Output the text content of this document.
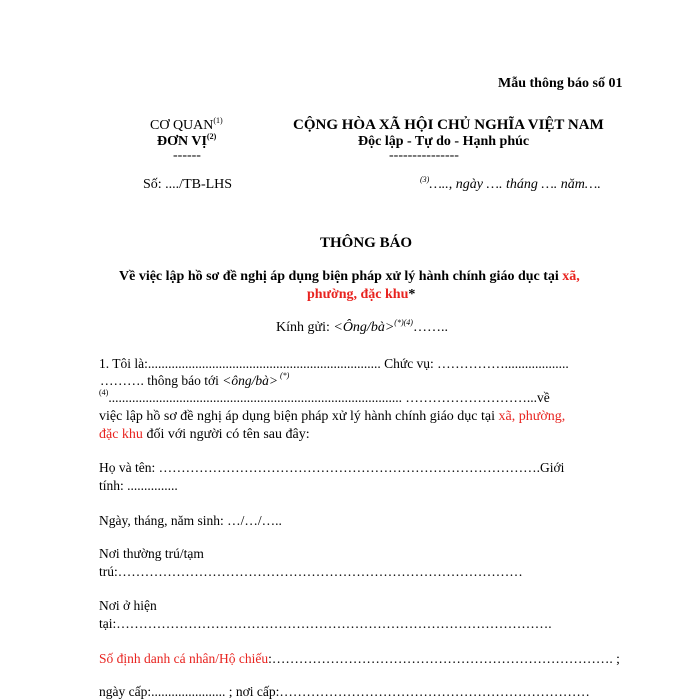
Mẫu thông báo số 01
CƠ QUAN$^{(1)}$
ĐƠN VỊ$^{(2)}$
------
Số: ..../TB-LHS
CỘNG HÒA XÃ HỘI CHỦ NGHĨA VIỆT NAM
Độc lập - Tự do - Hạnh phúc
---------------
$^{(3)}$….., ngày …. tháng …. năm….
THÔNG BÁO
Về việc lập hồ sơ đề nghị áp dụng biện pháp xử lý hành chính giáo dục tại xã,
phường, đặc khu*
Kính gửi: <Ông/bà>$^{(*)(4)}$……..
1. Tôi là:..................................................................... Chức vụ: ……………...................
………. thông báo tới <ông/bà> (*)
$^{(4)}$....................................................................................... ………………………...về
việc lập hồ sơ đề nghị áp dụng biện pháp xử lý hành chính giáo dục tại xã, phường,
đặc khu đối với người có tên sau đây:
Họ và tên: ………………………………………………………………………….Giới
tính: ...............
Ngày, tháng, năm sinh: …/…/…..
Nơi thường trú/tạm
trú:………………………………………………………………………………
Nơi ở hiện
tại:…………………………………………………………………………………….
Số định danh cá nhân/Hộ chiếu:…………………………………………………………………. ;
ngày cấp:...................... ; nơi cấp:……………………………………………………………
